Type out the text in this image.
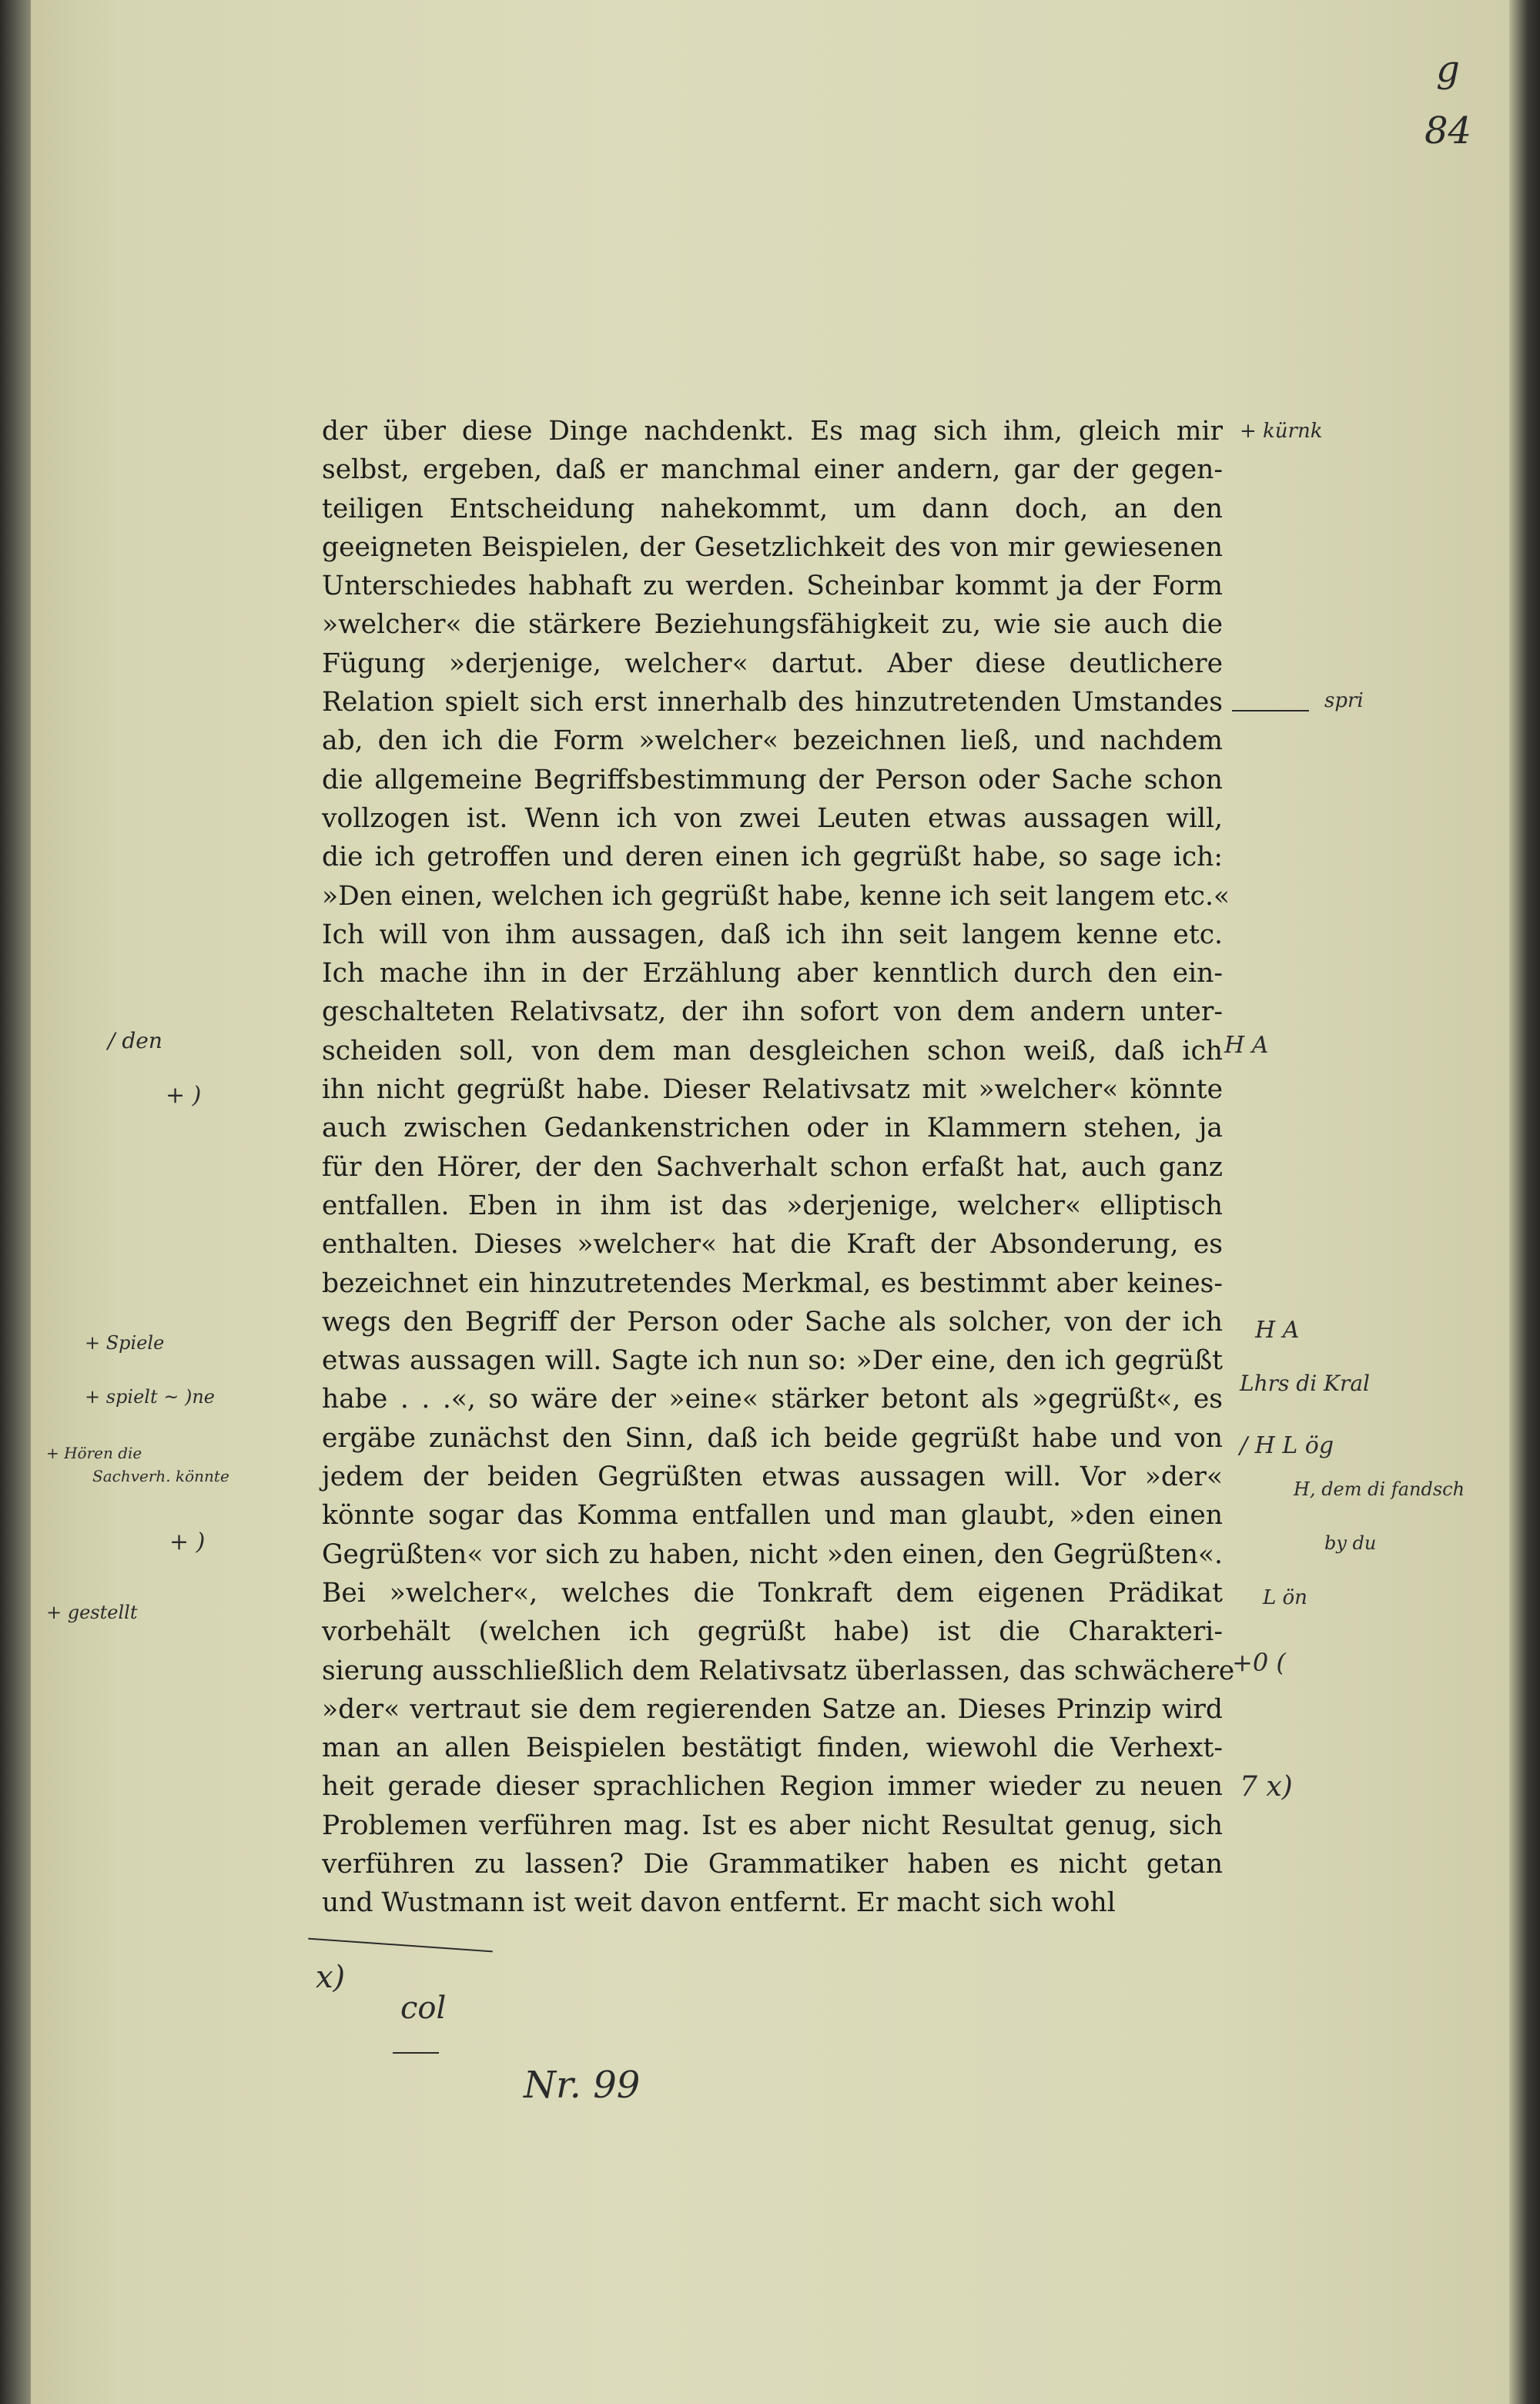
g
84
der über diese Dinge nachdenkt. Es mag sich ihm, gleich mir
selbst, ergeben, daß er manchmal einer andern, gar der gegen-
teiligen Entscheidung nahekommt, um dann doch, an den
geeigneten Beispielen, der Gesetzlichkeit des von mir gewiesenen
Unterschiedes habhaft zu werden. Scheinbar kommt ja der Form
»welcher« die stärkere Beziehungsfähigkeit zu, wie sie auch die
Fügung »derjenige, welcher« dartut. Aber diese deutlichere
Relation spielt sich erst innerhalb des hinzutretenden Umstandes
ab, den ich die Form »welcher« bezeichnen ließ, und nachdem
die allgemeine Begriffsbestimmung der Person oder Sache schon
vollzogen ist. Wenn ich von zwei Leuten etwas aussagen will,
die ich getroffen und deren einen ich gegrüßt habe, so sage ich:
»Den einen, welchen ich gegrüßt habe, kenne ich seit langem etc.«
Ich will von ihm aussagen, daß ich ihn seit langem kenne etc.
Ich mache ihn in der Erzählung aber kenntlich durch den ein-
geschalteten Relativsatz, der ihn sofort von dem andern unter-
scheiden soll, von dem man desgleichen schon weiß, daß ich
ihn nicht gegrüßt habe. Dieser Relativsatz mit »welcher« könnte
auch zwischen Gedankenstrichen oder in Klammern stehen, ja
für den Hörer, der den Sachverhalt schon erfaßt hat, auch ganz
entfallen. Eben in ihm ist das »derjenige, welcher« elliptisch
enthalten. Dieses »welcher« hat die Kraft der Absonderung, es
bezeichnet ein hinzutretendes Merkmal, es bestimmt aber keines-
wegs den Begriff der Person oder Sache als solcher, von der ich
etwas aussagen will. Sagte ich nun so: »Der eine, den ich gegrüßt
habe . . .«, so wäre der »eine« stärker betont als »gegrüßt«, es
ergäbe zunächst den Sinn, daß ich beide gegrüßt habe und von
jedem der beiden Gegrüßten etwas aussagen will. Vor »der«
könnte sogar das Komma entfallen und man glaubt, »den einen
Gegrüßten« vor sich zu haben, nicht »den einen, den Gegrüßten«.
Bei »welcher«, welches die Tonkraft dem eigenen Prädikat
vorbehält (welchen ich gegrüßt habe) ist die Charakteri-
sierung ausschließlich dem Relativsatz überlassen, das schwächere
»der« vertraut sie dem regierenden Satze an. Dieses Prinzip wird
man an allen Beispielen bestätigt finden, wiewohl die Verhext-
heit gerade dieser sprachlichen Region immer wieder zu neuen
Problemen verführen mag. Ist es aber nicht Resultat genug, sich
verführen zu lassen? Die Grammatiker haben es nicht getan
und Wustmann ist weit davon entfernt. Er macht sich wohl
+ kürnk
spri
H A
H A
Lhrs di Kral
/ H L ög
H, dem di fandsch
by du
L ön
+0 (
7 x)
/ den
+ )
+ Spiele
+ spielt ~ )ne
+ Hören die
Sachverh. könnte
+ )
+ gestellt
x)
col
Nr. 99
